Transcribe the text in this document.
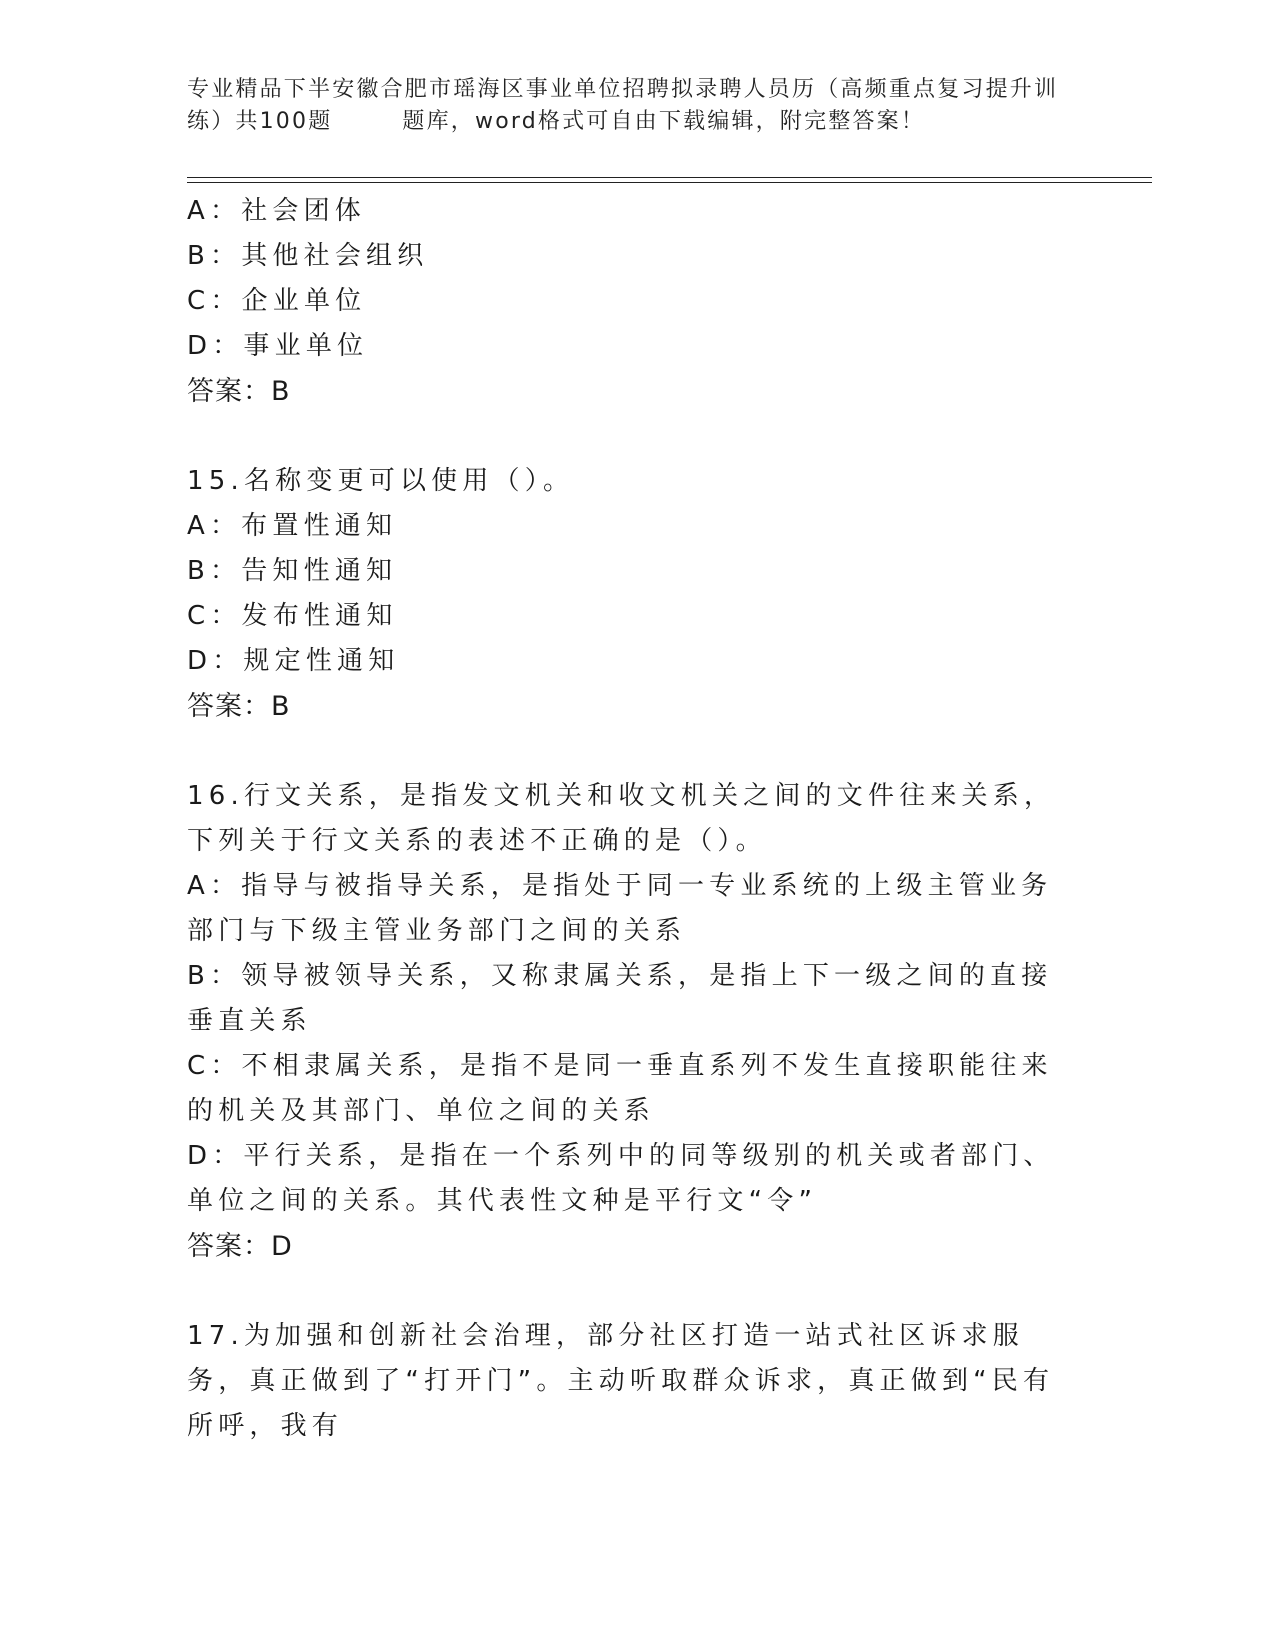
专业精品下半安徽合肥市瑶海区事业单位招聘拟录聘人员历（高频重点复习提升训
练）共100题	题库，word格式可自由下载编辑，附完整答案！
A：社会团体
B：其他社会组织
C：企业单位
D：事业单位
答案：B
15.名称变更可以使用（）。
A：布置性通知
B：告知性通知
C：发布性通知
D：规定性通知
答案：B
16.行文关系，是指发文机关和收文机关之间的文件往来关系，下列关于行文关系的表述不正确的是（）。
A：指导与被指导关系，是指处于同一专业系统的上级主管业务部门与下级主管业务部门之间的关系
B：领导被领导关系，又称隶属关系，是指上下一级之间的直接垂直关系
C：不相隶属关系，是指不是同一垂直系列不发生直接职能往来的机关及其部门、单位之间的关系
D：平行关系，是指在一个系列中的同等级别的机关或者部门、单位之间的关系。其代表性文种是平行文“令”
答案：D
17.为加强和创新社会治理，部分社区打造一站式社区诉求服务，真正做到了“打开门”。主动听取群众诉求，真正做到“民有所呼，我有
